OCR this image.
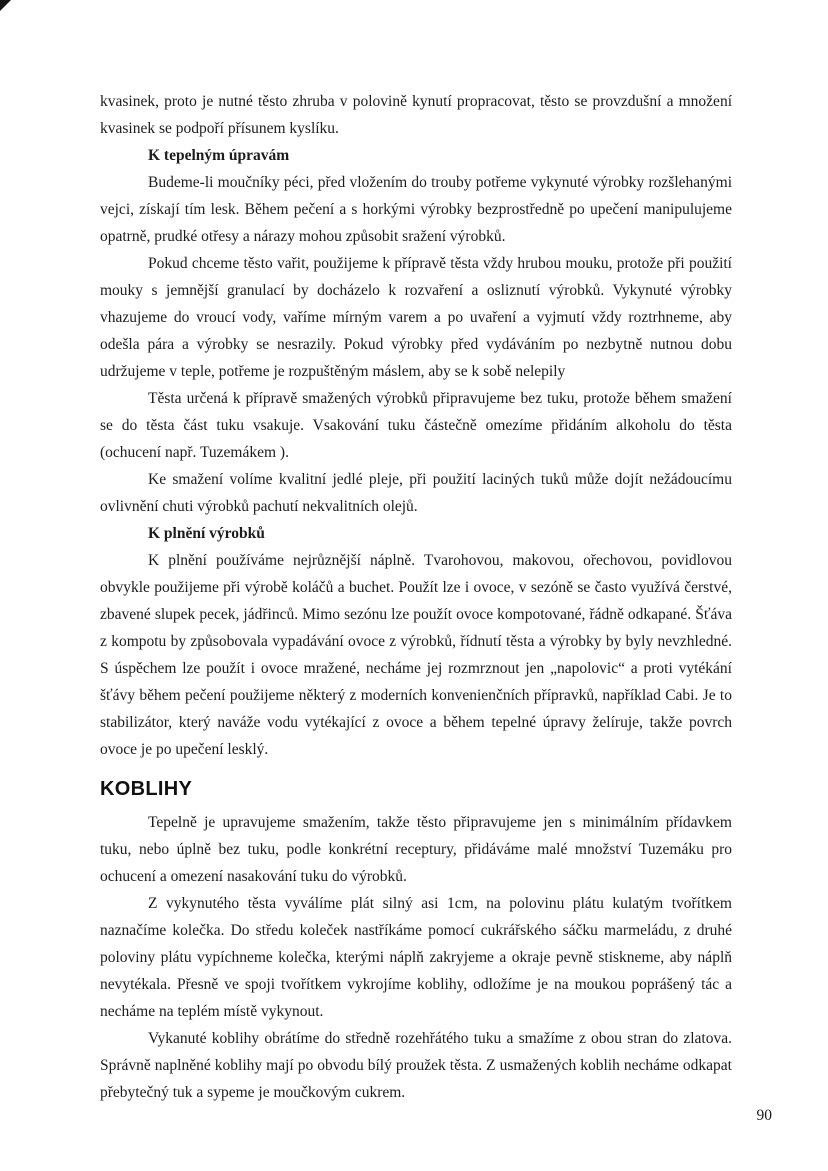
kvasinek, proto je nutné těsto zhruba v polovině kynutí propracovat, těsto se provzdušní a množení kvasinek se podpoří přísunem kyslíku.

K tepelným úpravám

Budeme-li moučníky péci, před vložením do trouby potřeme vykynuté výrobky rozšlehanými vejci, získají tím lesk. Během pečení a s horkými výrobky bezprostředně po upečení manipulujeme opatrně, prudké otřesy a nárazy mohou způsobit sražení výrobků.

Pokud chceme těsto vařit, použijeme k přípravě těsta vždy hrubou mouku, protože při použití mouky s jemnější granulací by docházelo k rozvaření a osliznutí výrobků. Vykynuté výrobky vhazujeme do vroucí vody, vaříme mírným varem a po uvaření a vyjmutí vždy roztrhneme, aby odešla pára a výrobky se nesrazily. Pokud výrobky před vydáváním po nezbytně nutnou dobu udržujeme v teple, potřeme je rozpuštěným máslem, aby se k sobě nelepily

Těsta určená k přípravě smažených výrobků připravujeme bez tuku, protože během smažení se do těsta část tuku vsakuje. Vsakování tuku částečně omezíme přidáním alkoholu do těsta (ochucení např. Tuzemákem ).

Ke smažení volíme kvalitní jedlé pleje, při použití laciných tuků může dojít nežádoucímu ovlivnění chuti výrobků pachutí nekvalitních olejů.

K plnění výrobků

K plnění používáme nejrůznější náplně. Tvarohovou, makovou, ořechovou, povidlovou obvykle použijeme při výrobě koláčů a buchet. Použít lze i ovoce, v sezóně se často využívá čerstvé, zbavené slupek pecek, jádřinců. Mimo sezónu lze použít ovoce kompotované, řádně odkapané. Šťáva z kompotu by způsobovala vypadávání ovoce z výrobků, řídnutí těsta a výrobky by byly nevzhledné. S úspěchem lze použít i ovoce mražené, necháme jej rozmrznout jen „napolovic“ a proti vytékání šťávy během pečení použijeme některý z moderních konvenienčních přípravků, například Cabi. Je to stabilizátor, který naváže vodu vytékající z ovoce a během tepelné úpravy želíruje, takže povrch ovoce je po upečení lesklý.

KOBLIHY

Tepelně je upravujeme smažením, takže těsto připravujeme jen s minimálním přídavkem tuku, nebo úplně bez tuku, podle konkrétní receptury, přidáváme malé množství Tuzemáku pro ochucení a omezení nasakování tuku do výrobků.

Z vykynutého těsta vyválíme plát silný asi 1cm, na polovinu plátu kulatým tvořítkem naznačíme kolečka. Do středu koleček nastříkáme pomocí cukrářského sáčku marmeládu, z druhé poloviny plátu vypíchneme kolečka, kterými náplň zakryjeme a okraje pevně stiskneme, aby náplň nevytékala. Přesně ve spoji tvořítkem vykrojíme koblihy, odložíme je na moukou poprášený tác a necháme na teplém místě vykynout.

Vykanuté koblihy obrátíme do středně rozehřátého tuku a smažíme z obou stran do zlatova. Správně naplněné koblihy mají po obvodu bílý proužek těsta. Z usmažených koblih necháme odkapat přebytečný tuk a sypeme je moučkovým cukrem.

90
